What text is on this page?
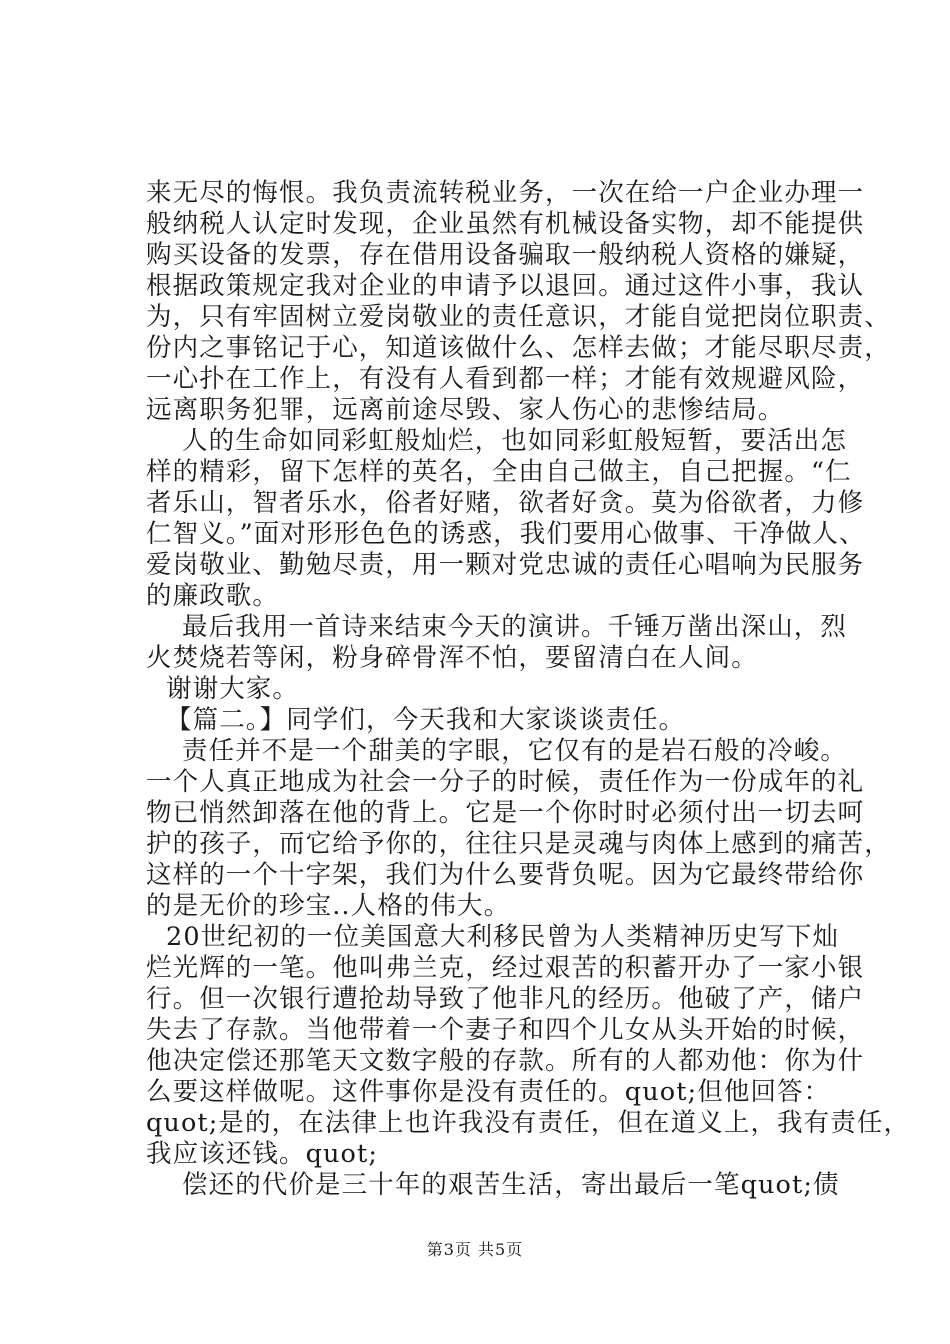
来无尽的悔恨。我负责流转税业务，一次在给一户企业办理一
般纳税人认定时发现，企业虽然有机械设备实物，却不能提供
购买设备的发票，存在借用设备骗取一般纳税人资格的嫌疑，
根据政策规定我对企业的申请予以退回。通过这件小事，我认
为，只有牢固树立爱岗敬业的责任意识，才能自觉把岗位职责、
份内之事铭记于心，知道该做什么、怎样去做；才能尽职尽责，
一心扑在工作上，有没有人看到都一样；才能有效规避风险，
远离职务犯罪，远离前途尽毁、家人伤心的悲惨结局。
人的生命如同彩虹般灿烂，也如同彩虹般短暂，要活出怎
样的精彩，留下怎样的英名，全由自己做主，自己把握。“仁
者乐山，智者乐水，俗者好赌，欲者好贪。莫为俗欲者，力修
仁智义。”面对形形色色的诱惑，我们要用心做事、干净做人、
爱岗敬业、勤勉尽责，用一颗对党忠诚的责任心唱响为民服务
的廉政歌。
最后我用一首诗来结束今天的演讲。千锤万凿出深山，烈
火焚烧若等闲，粉身碎骨浑不怕，要留清白在人间。
谢谢大家。
【篇二。】同学们，今天我和大家谈谈责任。
责任并不是一个甜美的字眼，它仅有的是岩石般的冷峻。
一个人真正地成为社会一分子的时候，责任作为一份成年的礼
物已悄然卸落在他的背上。它是一个你时时必须付出一切去呵
护的孩子，而它给予你的，往往只是灵魂与肉体上感到的痛苦，
这样的一个十字架，我们为什么要背负呢。因为它最终带给你
的是无价的珍宝..人格的伟大。
20世纪初的一位美国意大利移民曾为人类精神历史写下灿
烂光辉的一笔。他叫弗兰克，经过艰苦的积蓄开办了一家小银
行。但一次银行遭抢劫导致了他非凡的经历。他破了产，储户
失去了存款。当他带着一个妻子和四个儿女从头开始的时候，
他决定偿还那笔天文数字般的存款。所有的人都劝他：你为什
么要这样做呢。这件事你是没有责任的。quot;但他回答：
quot;是的，在法律上也许我没有责任，但在道义上，我有责任，
我应该还钱。quot;
偿还的代价是三十年的艰苦生活，寄出最后一笔quot;债
第3页 共5页
